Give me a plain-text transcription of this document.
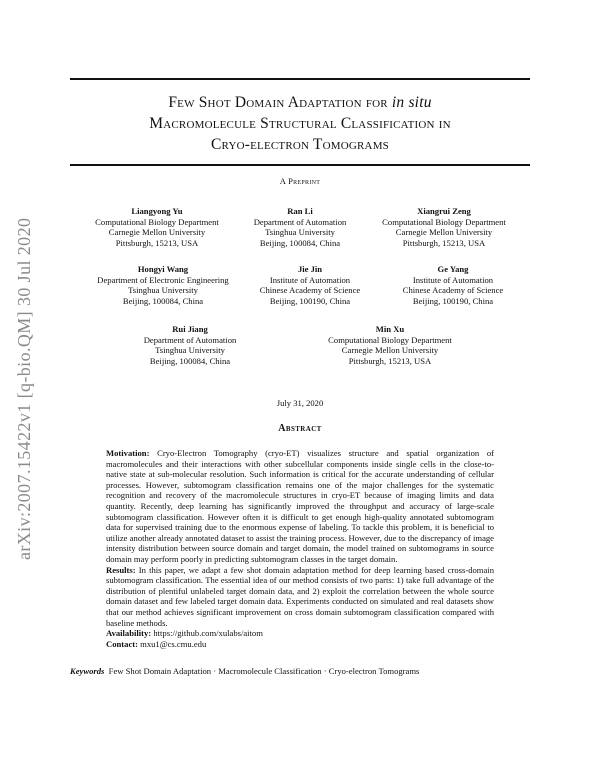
arXiv:2007.15422v1 [q-bio.QM] 30 Jul 2020
Few Shot Domain Adaptation for in situ
Macromolecule Structural Classification in
Cryo-electron Tomograms
A Preprint
Liangyong Yu
Computational Biology Department
Carnegie Mellon University
Pittsburgh, 15213, USA
Ran Li
Department of Automation
Tsinghua University
Beijing, 100084, China
Xiangrui Zeng
Computational Biology Department
Carnegie Mellon University
Pittsburgh, 15213, USA
Hongyi Wang
Department of Electronic Engineering
Tsinghua University
Beijing, 100084, China
Jie Jin
Institute of Automation
Chinese Academy of Science
Beijing, 100190, China
Ge Yang
Institute of Automation
Chinese Academy of Science
Beijing, 100190, China
Rui Jiang
Department of Automation
Tsinghua University
Beijing, 100084, China
Min Xu
Computational Biology Department
Carnegie Mellon University
Pittsburgh, 15213, USA
July 31, 2020
Abstract

Motivation: Cryo-Electron Tomography (cryo-ET) visualizes structure and spatial organization of macromolecules and their interactions with other subcellular components inside single cells in the close-to-native state at sub-molecular resolution. Such information is critical for the accurate understanding of cellular processes. However, subtomogram classification remains one of the major challenges for the systematic recognition and recovery of the macromolecule structures in cryo-ET because of imaging limits and data quantity. Recently, deep learning has significantly improved the throughput and accuracy of large-scale subtomogram classification. However often it is difficult to get enough high-quality annotated subtomogram data for supervised training due to the enormous expense of labeling. To tackle this problem, it is beneficial to utilize another already annotated dataset to assist the training process. However, due to the discrepancy of image intensity distribution between source domain and target domain, the model trained on subtomograms in source domain may perform poorly in predicting subtomogram classes in the target domain.

Results: In this paper, we adapt a few shot domain adaptation method for deep learning based cross-domain subtomogram classification. The essential idea of our method consists of two parts: 1) take full advantage of the distribution of plentiful unlabeled target domain data, and 2) exploit the correlation between the whole source domain dataset and few labeled target domain data. Experiments conducted on simulated and real datasets show that our method achieves significant improvement on cross domain subtomogram classification compared with baseline methods.

Availability: https://github.com/xulabs/aitom

Contact: mxu1@cs.cmu.edu

Keywords  Few Shot Domain Adaptation · Macromolecule Classification · Cryo-electron Tomograms
